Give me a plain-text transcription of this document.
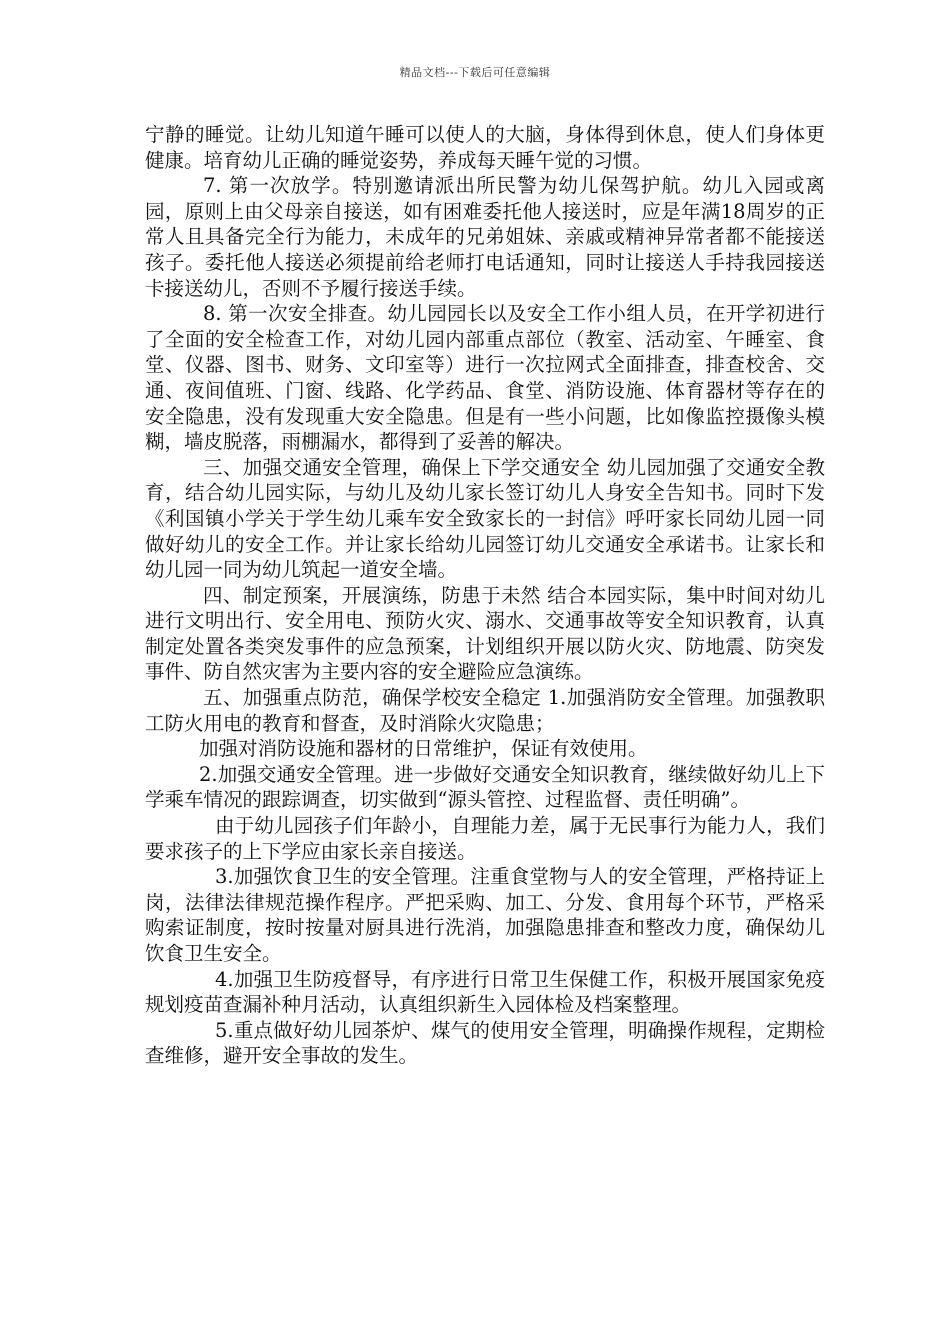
精品文档---下载后可任意编辑

宁静的睡觉。让幼儿知道午睡可以使人的大脑，身体得到休息，使人们身体更健康。培育幼儿正确的睡觉姿势，养成每天睡午觉的习惯。

7. 第一次放学。特别邀请派出所民警为幼儿保驾护航。幼儿入园或离园，原则上由父母亲自接送，如有困难委托他人接送时，应是年满18周岁的正常人且具备完全行为能力，未成年的兄弟姐妹、亲戚或精神异常者都不能接送孩子。委托他人接送必须提前给老师打电话通知，同时让接送人手持我园接送卡接送幼儿，否则不予履行接送手续。

8. 第一次安全排查。幼儿园园长以及安全工作小组人员，在开学初进行了全面的安全检查工作，对幼儿园内部重点部位（教室、活动室、午睡室、食堂、仪器、图书、财务、文印室等）进行一次拉网式全面排查，排查校舍、交通、夜间值班、门窗、线路、化学药品、食堂、消防设施、体育器材等存在的安全隐患，没有发现重大安全隐患。但是有一些小问题，比如像监控摄像头模糊，墙皮脱落，雨棚漏水，都得到了妥善的解决。

三、加强交通安全管理，确保上下学交通安全 幼儿园加强了交通安全教育，结合幼儿园实际，与幼儿及幼儿家长签订幼儿人身安全告知书。同时下发《利国镇小学关于学生幼儿乘车安全致家长的一封信》呼吁家长同幼儿园一同做好幼儿的安全工作。并让家长给幼儿园签订幼儿交通安全承诺书。让家长和幼儿园一同为幼儿筑起一道安全墙。

四、制定预案，开展演练，防患于未然 结合本园实际，集中时间对幼儿进行文明出行、安全用电、预防火灾、溺水、交通事故等安全知识教育，认真制定处置各类突发事件的应急预案，计划组织开展以防火灾、防地震、防突发事件、防自然灾害为主要内容的安全避险应急演练。

五、加强重点防范，确保学校安全稳定 1.加强消防安全管理。加强教职工防火用电的教育和督查，及时消除火灾隐患；

加强对消防设施和器材的日常维护，保证有效使用。

2.加强交通安全管理。进一步做好交通安全知识教育，继续做好幼儿上下学乘车情况的跟踪调查，切实做到“源头管控、过程监督、责任明确”。

由于幼儿园孩子们年龄小，自理能力差，属于无民事行为能力人，我们要求孩子的上下学应由家长亲自接送。

3.加强饮食卫生的安全管理。注重食堂物与人的安全管理，严格持证上岗，法律法律规范操作程序。严把采购、加工、分发、食用每个环节，严格采购索证制度，按时按量对厨具进行洗消，加强隐患排查和整改力度，确保幼儿饮食卫生安全。

4.加强卫生防疫督导，有序进行日常卫生保健工作，积极开展国家免疫规划疫苗查漏补种月活动，认真组织新生入园体检及档案整理。

5.重点做好幼儿园茶炉、煤气的使用安全管理，明确操作规程，定期检查维修，避开安全事故的发生。
